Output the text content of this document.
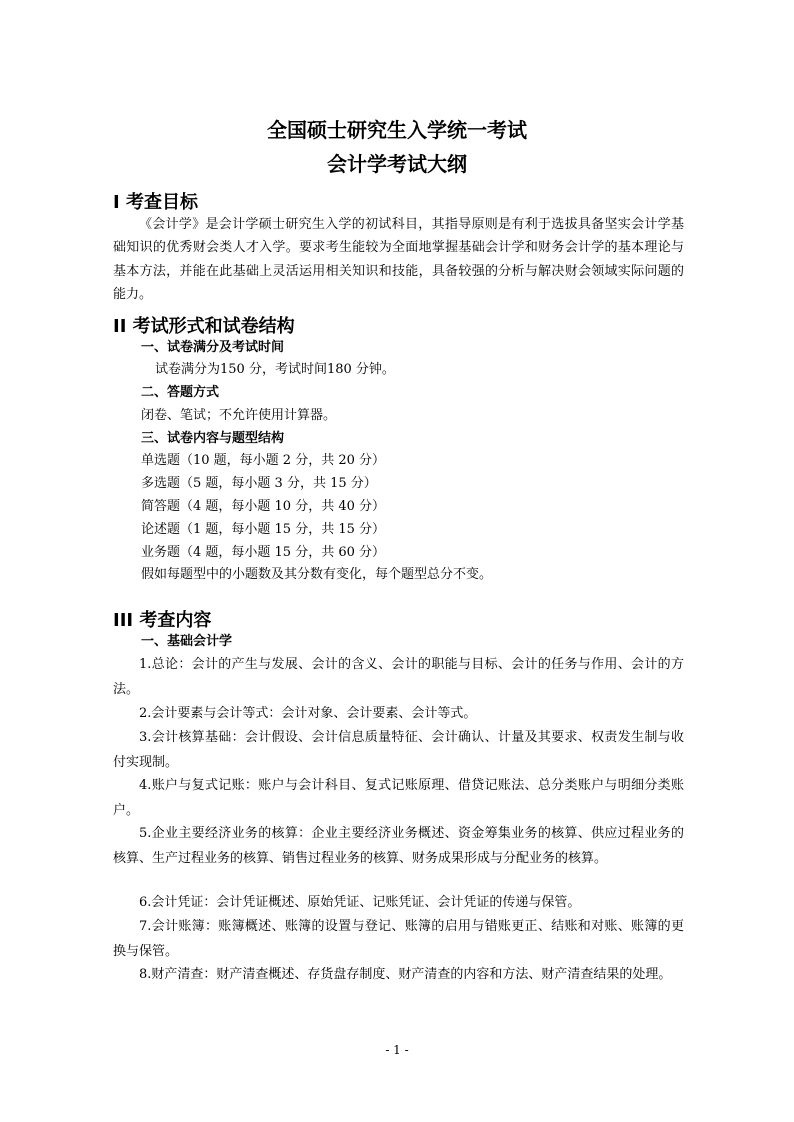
全国硕士研究生入学统一考试
会计学考试大纲
I 考查目标

《会计学》是会计学硕士研究生入学的初试科目，其指导原则是有利于选拔具备坚实会计学基础知识的优秀财会类人才入学。要求考生能较为全面地掌握基础会计学和财务会计学的基本理论与基本方法，并能在此基础上灵活运用相关知识和技能，具备较强的分析与解决财会领域实际问题的能力。

II 考试形式和试卷结构
一、试卷满分及考试时间

试卷满分为150 分，考试时间180 分钟。

二、答题方式

闭卷、笔试；不允许使用计算器。

三、试卷内容与题型结构

单选题（10 题，每小题 2 分，共 20 分）

多选题（5 题，每小题 3 分，共 15 分）

简答题（4 题，每小题 10 分，共 40 分）

论述题（1 题，每小题 15 分，共 15 分）

业务题（4 题，每小题 15 分，共 60 分）

假如每题型中的小题数及其分数有变化，每个题型总分不变。

III 考查内容
一、基础会计学

1.总论：会计的产生与发展、会计的含义、会计的职能与目标、会计的任务与作用、会计的方法。

2.会计要素与会计等式：会计对象、会计要素、会计等式。

3.会计核算基础：会计假设、会计信息质量特征、会计确认、计量及其要求、权责发生制与收付实现制。

4.账户与复式记账：账户与会计科目、复式记账原理、借贷记账法、总分类账户与明细分类账户。

5.企业主要经济业务的核算：企业主要经济业务概述、资金筹集业务的核算、供应过程业务的核算、生产过程业务的核算、销售过程业务的核算、财务成果形成与分配业务的核算。

6.会计凭证：会计凭证概述、原始凭证、记账凭证、会计凭证的传递与保管。

7.会计账簿：账簿概述、账簿的设置与登记、账簿的启用与错账更正、结账和对账、账簿的更换与保管。

8.财产清查：财产清查概述、存货盘存制度、财产清查的内容和方法、财产清查结果的处理。

- 1 -
